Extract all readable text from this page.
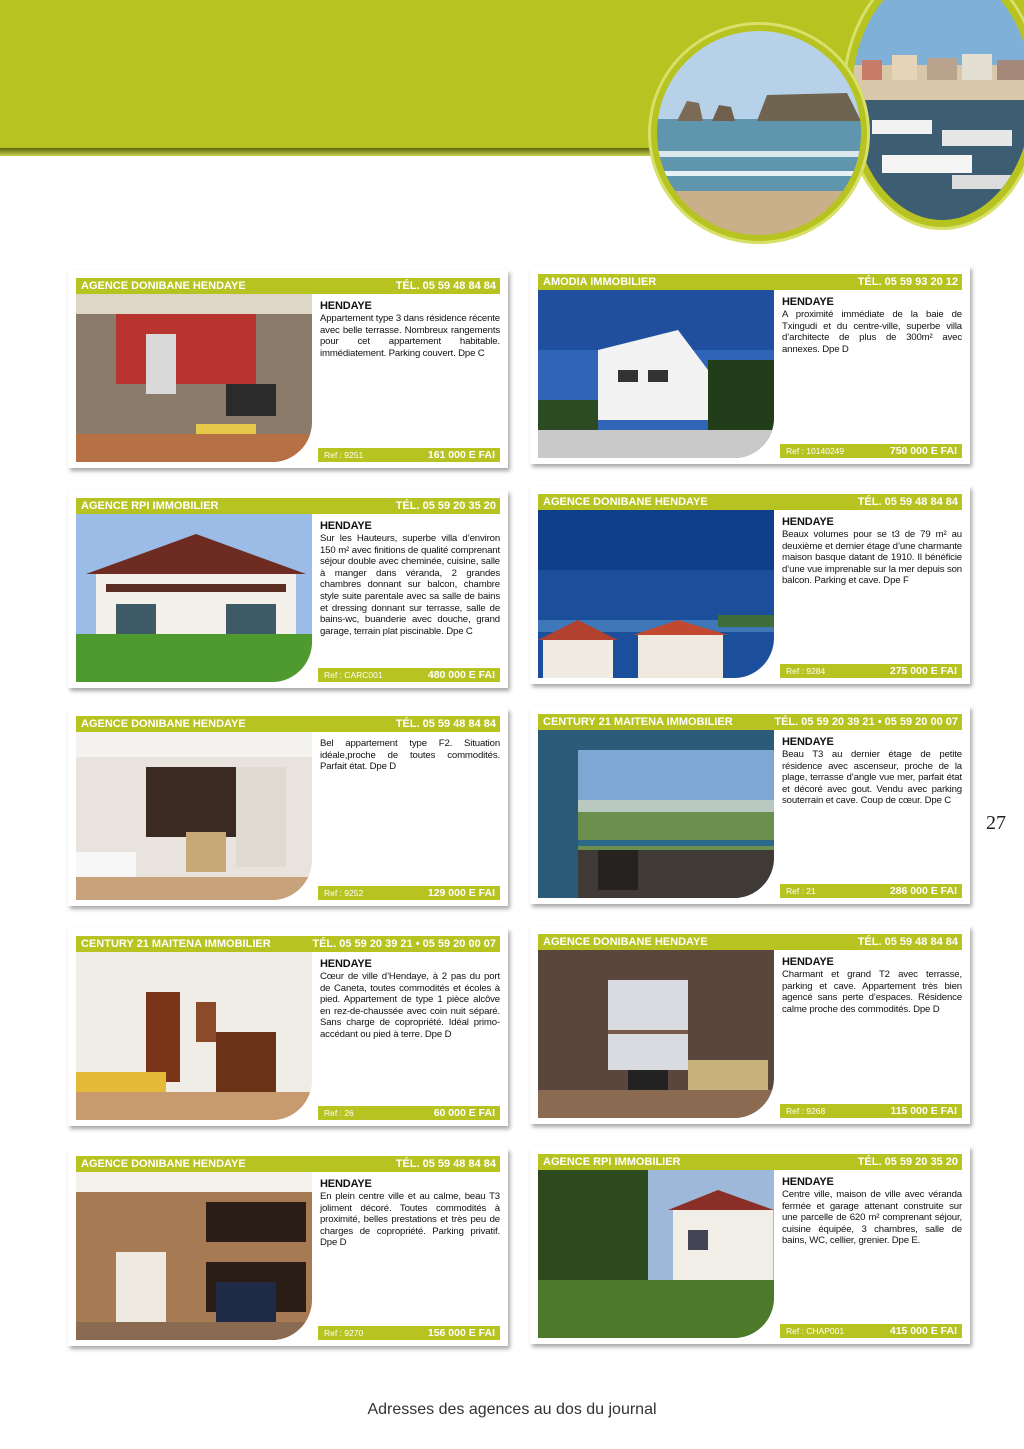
AGENCE DONIBANE HENDAYE	TÉL. 05 59 48 84 84
HENDAYE
Appartement type 3 dans résidence récente avec belle terrasse. Nombreux rangements pour cet appartement habitable. immédiatement. Parking couvert. Dpe C
Ref : 9251	161 000 E FAI
AMODIA IMMOBILIER	TÉL. 05 59 93 20 12
HENDAYE
A proximité immédiate de la baie de Txingudi et du centre-ville, superbe villa d’architecte de plus de 300m² avec annexes. Dpe D
Ref : 10140249	750 000 E FAI
AGENCE RPI IMMOBILIER	TÉL. 05 59 20 35 20
HENDAYE
Sur les Hauteurs, superbe villa d’environ 150 m² avec finitions de qualité comprenant séjour double avec cheminée, cuisine, salle à manger dans véranda, 2 grandes chambres donnant sur balcon, chambre style suite parentale avec sa salle de bains et dressing donnant sur terrasse, salle de bains-wc, buanderie avec douche, grand garage, terrain plat piscinable. Dpe C
Ref : CARC001	480 000 E FAI
AGENCE DONIBANE HENDAYE	TÉL. 05 59 48 84 84
HENDAYE
Beaux volumes pour se t3 de 79 m² au deuxième et dernier étage d’une charmante maison basque datant de 1910. Il bénéficie d’une vue imprenable sur la mer depuis son balcon. Parking et cave. Dpe F
Ref : 9284	275 000 E FAI
AGENCE DONIBANE HENDAYE	TÉL. 05 59 48 84 84
Bel appartement type F2. Situation idéale,proche de toutes commodités. Parfait état. Dpe D
Ref : 9252	129 000 E FAI
CENTURY 21 MAITENA IMMOBILIER	TÉL. 05 59 20 39 21 • 05 59 20 00 07
HENDAYE
Beau T3 au dernier étage de petite résidence avec ascenseur, proche de la plage, terrasse d’angle vue mer, parfait état et décoré avec gout. Vendu avec parking souterrain et cave. Coup de cœur. Dpe C
Ref : 21	286 000 E FAI
CENTURY 21 MAITENA IMMOBILIER	TÉL. 05 59 20 39 21 • 05 59 20 00 07
HENDAYE
Cœur de ville d’Hendaye, à 2 pas du port de Caneta, toutes commodités et écoles à pied. Appartement de type 1 pièce alcôve en rez-de-chaussée avec coin nuit séparé. Sans charge de copropriété. Idéal primo-accédant ou pied à terre. Dpe D
Ref : 26	60 000 E FAI
AGENCE DONIBANE HENDAYE	TÉL. 05 59 48 84 84
HENDAYE
Charmant et grand T2 avec terrasse, parking et cave. Appartement très bien agencé sans perte d’espaces. Résidence calme proche des commodités. Dpe D
Ref : 9268	115 000 E FAI
AGENCE DONIBANE HENDAYE	TÉL. 05 59 48 84 84
HENDAYE
En plein centre ville et au calme, beau T3 joliment décoré. Toutes commodités à proximité, belles prestations et très peu de charges de copropriété. Parking privatif. Dpe D
Ref : 9270	156 000 E FAI
AGENCE RPI IMMOBILIER	TÉL. 05 59 20 35 20
HENDAYE
Centre ville, maison de ville avec véranda fermée et garage attenant construite sur une parcelle de 620 m² comprenant séjour, cuisine équipée, 3 chambres, salle de bains, WC, cellier, grenier. Dpe E.
Ref : CHAP001	415 000 E FAI
27
Adresses des agences au dos du journal
